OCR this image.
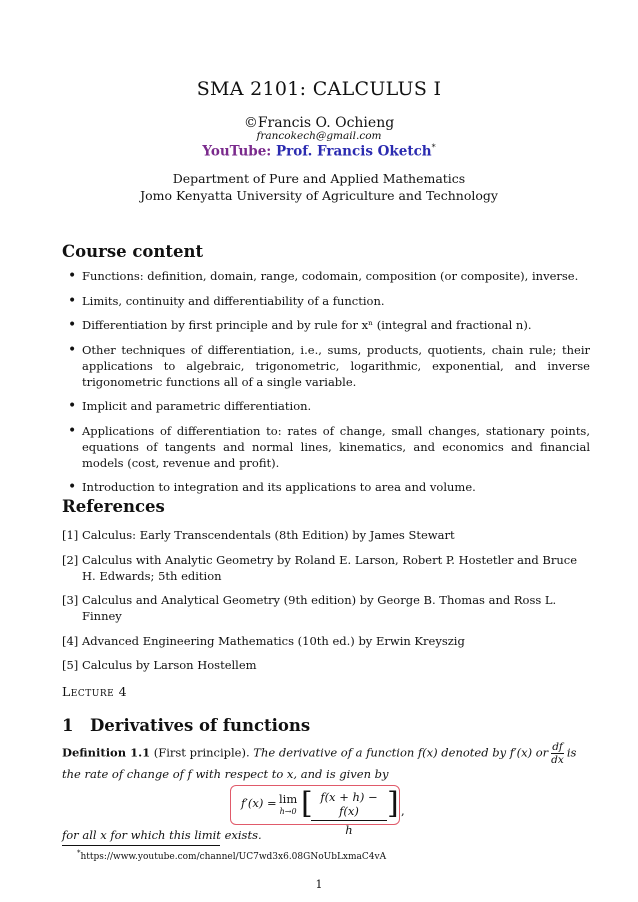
SMA 2101: CALCULUS I
©Francis O. Ochieng
francokech@gmail.com
YouTube: Prof. Francis Oketch*
Department of Pure and Applied Mathematics
Jomo Kenyatta University of Agriculture and Technology
Course content
• Functions: definition, domain, range, codomain, composition (or composite), inverse.
• Limits, continuity and differentiability of a function.
• Differentiation by first principle and by rule for xⁿ (integral and fractional n).
• Other techniques of differentiation, i.e., sums, products, quotients, chain rule; their applications to algebraic, trigonometric, logarithmic, exponential, and inverse trigonometric functions all of a single variable.
• Implicit and parametric differentiation.
• Applications of differentiation to: rates of change, small changes, stationary points, equations of tangents and normal lines, kinematics, and economics and financial models (cost, revenue and profit).
• Introduction to integration and its applications to area and volume.
References
[1] Calculus: Early Transcendentals (8th Edition) by James Stewart
[2] Calculus with Analytic Geometry by Roland E. Larson, Robert P. Hostetler and Bruce H. Edwards; 5th edition
[3] Calculus and Analytical Geometry (9th edition) by George B. Thomas and Ross L. Finney
[4] Advanced Engineering Mathematics (10th ed.) by Erwin Kreyszig
[5] Calculus by Larson Hostellem
Lecture 4
1 Derivatives of functions
Definition 1.1 (First principle). The derivative of a function f(x) denoted by f′(x) or $\frac{df}{dx}$ is the rate of change of f with respect to x, and is given by
f′(x) = lim
h→0 [ f(x + h) − f(x)
h
] ,
for all x for which this limit exists.
*https://www.youtube.com/channel/UC7wd3x6.08GNoUbLxmaC4vA
1
